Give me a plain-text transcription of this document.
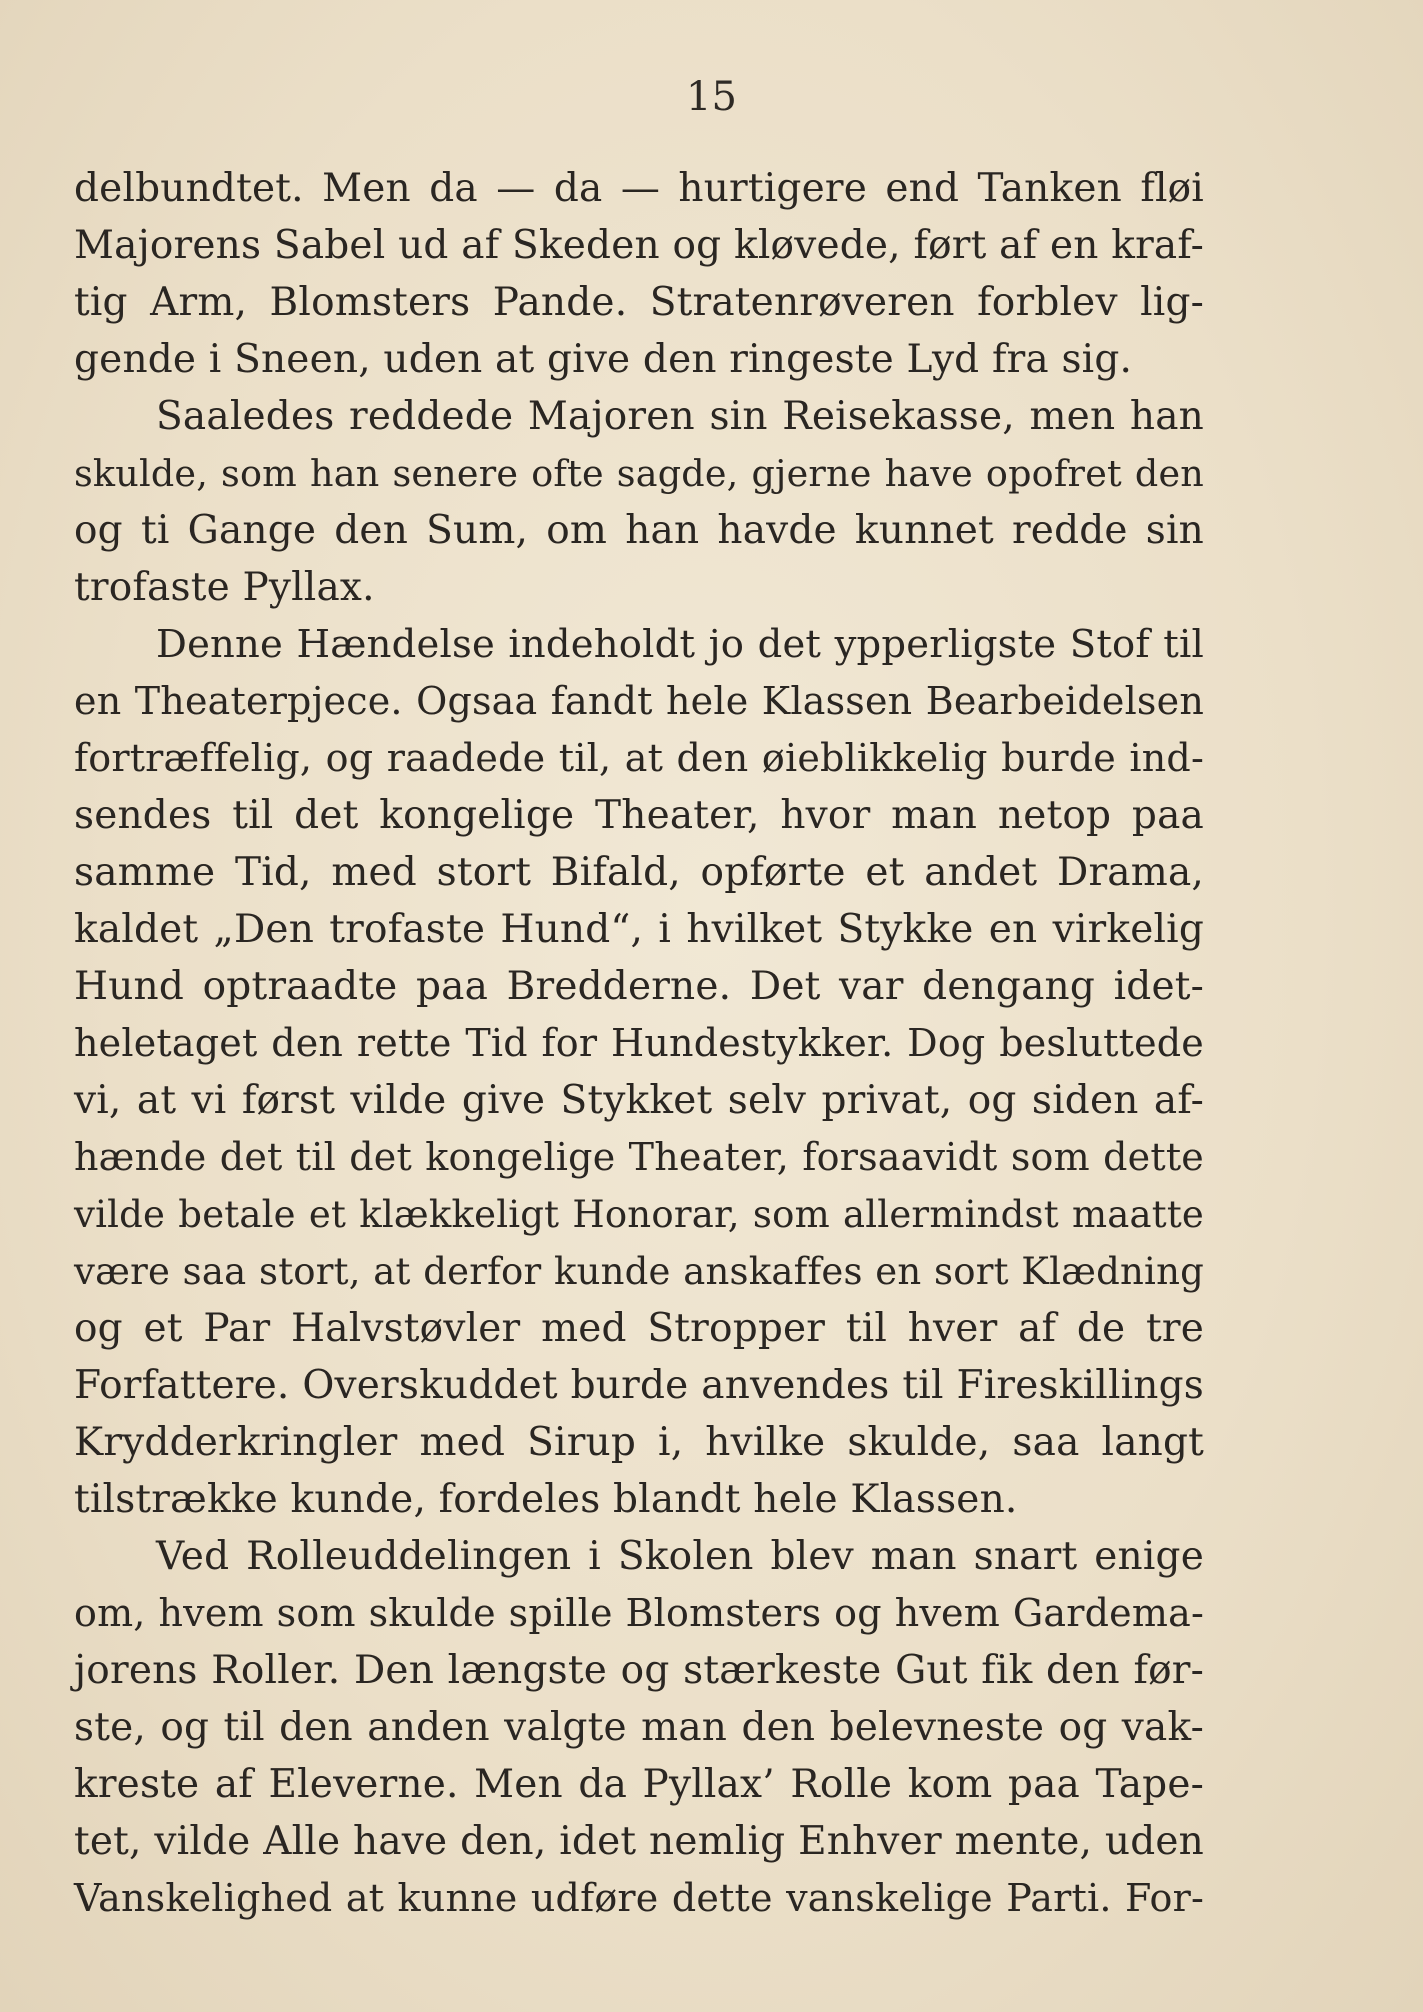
15
delbundtet. Men da — da — hurtigere end Tanken fløi
Majorens Sabel ud af Skeden og kløvede, ført af en kraf-
tig Arm, Blomsters Pande. Stratenrøveren forblev lig-
gende i Sneen, uden at give den ringeste Lyd fra sig.
Saaledes reddede Majoren sin Reisekasse, men han
skulde, som han senere ofte sagde, gjerne have opofret den
og ti Gange den Sum, om han havde kunnet redde sin
trofaste Pyllax.
Denne Hændelse indeholdt jo det ypperligste Stof til
en Theaterpjece. Ogsaa fandt hele Klassen Bearbeidelsen
fortræffelig, og raadede til, at den øieblikkelig burde ind-
sendes til det kongelige Theater, hvor man netop paa
samme Tid, med stort Bifald, opførte et andet Drama,
kaldet „Den trofaste Hund“, i hvilket Stykke en virkelig
Hund optraadte paa Bredderne. Det var dengang idet-
heletaget den rette Tid for Hundestykker. Dog besluttede
vi, at vi først vilde give Stykket selv privat, og siden af-
hænde det til det kongelige Theater, forsaavidt som dette
vilde betale et klækkeligt Honorar, som allermindst maatte
være saa stort, at derfor kunde anskaffes en sort Klædning
og et Par Halvstøvler med Stropper til hver af de tre
Forfattere. Overskuddet burde anvendes til Fireskillings
Krydderkringler med Sirup i, hvilke skulde, saa langt
tilstrække kunde, fordeles blandt hele Klassen.
Ved Rolleuddelingen i Skolen blev man snart enige
om, hvem som skulde spille Blomsters og hvem Gardema-
jorens Roller. Den længste og stærkeste Gut fik den før-
ste, og til den anden valgte man den belevneste og vak-
kreste af Eleverne. Men da Pyllax’ Rolle kom paa Tape-
tet, vilde Alle have den, idet nemlig Enhver mente, uden
Vanskelighed at kunne udføre dette vanskelige Parti. For-
